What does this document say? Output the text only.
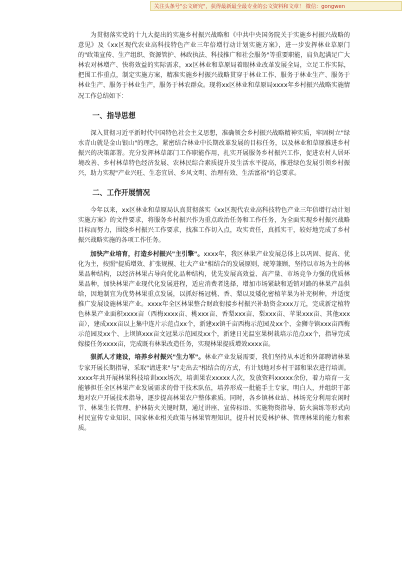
关注头条号"公文研究"，获得最新最全最专业的公文资料和文章！ 微信：gongwen

为贯彻落实党的十九大提出的实施乡村振兴战略和《中共中央国务院关于实施乡村振兴战略的意见》及《xx区现代农业高科技特色产业三年倍增行动计划实施方案》，进一步发挥林业草原门的"政策宣传、生产组织、资源管护、林政执法、科技推广和社会服务"等重要职能，肩负起满足广大林农对林增产、快将效益的实际需求，xx区林业和草原局着眼林业改革发展全局，立足工作实际，把围工作重点，制定实施方案，精准实施乡村振兴战略贯穿于林业工作、服务于林业生产、服务于林业生产、服务于林业生产，服务于林农群众。现将xx区林业和草原局xxxx年乡村振兴战略实施情况工作总结如下：

一、指导思想

深入贯彻习近平新时代中国特色社会主义思想，准确领会乡村振兴战略精神实质，牢固树立"绿水青山就是金山银山"的理念，紧密结合林业中长期改革发展的目标任务，以及林业和草原推进乡村振兴的决策部署。充分发挥林草部门工作职能作用，扎实开展服务乡村振兴工作，促进农村人居环境改善、乡村林草特色经济发展、农林民综合素质提升及生活水平提高，推进绿色发展引领乡村振兴，助力实现"产业兴旺、生态宜居、乡风文明、治理有效、生活富裕"的总要求。

二、工作开展情况

今年以来，xx区林业和草原局认真贯彻落实《xx区现代农业高科技特色产业三年倍增行动计划实施方案》的文件要求，将服务乡村振兴作为重点政治任务和工作任务，为全面实现乡村振兴战略目标而努力，围绕乡村振兴工作要求，找准工作切入点，攻实责任，真抓实干，较好地完成了乡村振兴战略实施的各项工作任务。

加快产业培育，打造乡村振兴"主引擎"。xxxx年，我区林果产业发展总体上以巩固、提高、优化为主，按照"提质增效、扩张规模、壮大产业"相结合的发展原则，统筹兼顾，坚持以市场为主的林果品种结构，以经济林果占导向优化品种结构，优先发展高效益、高产量、市场竞争力强的优质林果品种，加快林果产业现代化发展进程，适应消费者选择，增加市场紧缺和适销对路的林果产品供给，因地制宜为优势林果重点发展，以抓好杨冠桃、香、梨以及矮化密植苹果为补充树种，并适度推广发展设施林果产业。xxxx年全区林果整合财政衔接乡村振兴补助资金xxx万元，完成新定植特色林果产业面积xxxx亩（西梅xxxx亩、桃xxx亩、香梨xxx亩、梨xxx亩、苹果xxx亩、其他xxx亩），建成xxx亩以上集中连片示范点xx个，新建xx镇千亩西梅示范园及xx个、金狮寺镇xxx亩西梅示范园及xx个、上坝镇xxx亩文冠果示范园及xx个，新建日光温室果树栽培示范点xx个，指导完成嫁接任务xxxx亩，完成既有林果改造任务，实现林果提质增效xxxx亩。

狠抓人才建设，培养乡村振兴"生力军"。林业产业发展需要，我们坚持从本近和外部聘请林果专家开展长期指导，采取"请进来"与"走出去"相结合的方式，有计划地对乡村干部和果农进行培训。xxxx年共开展林果科技培训xxx场次，培训果农xxxxx人次，发放资料xxxxx余份，着力培育一支能够担任全区林果产业发展需求的骨干技术队伍，培养形成一批能手土专家，明白人，并组织干部地对农户开展技术指导，逐步提高林果农户整体素质。同时，各乡镇林业站、林场充分利用农闲时节、林果生长管理、护林防火关键时期，通过讲座、宣传标语、实施物资指导、防火演练等形式向村民宣传专业知识、国家林业相关政策与林果管理知识，提升村民爱林护林、管理林果的能力和素质。
